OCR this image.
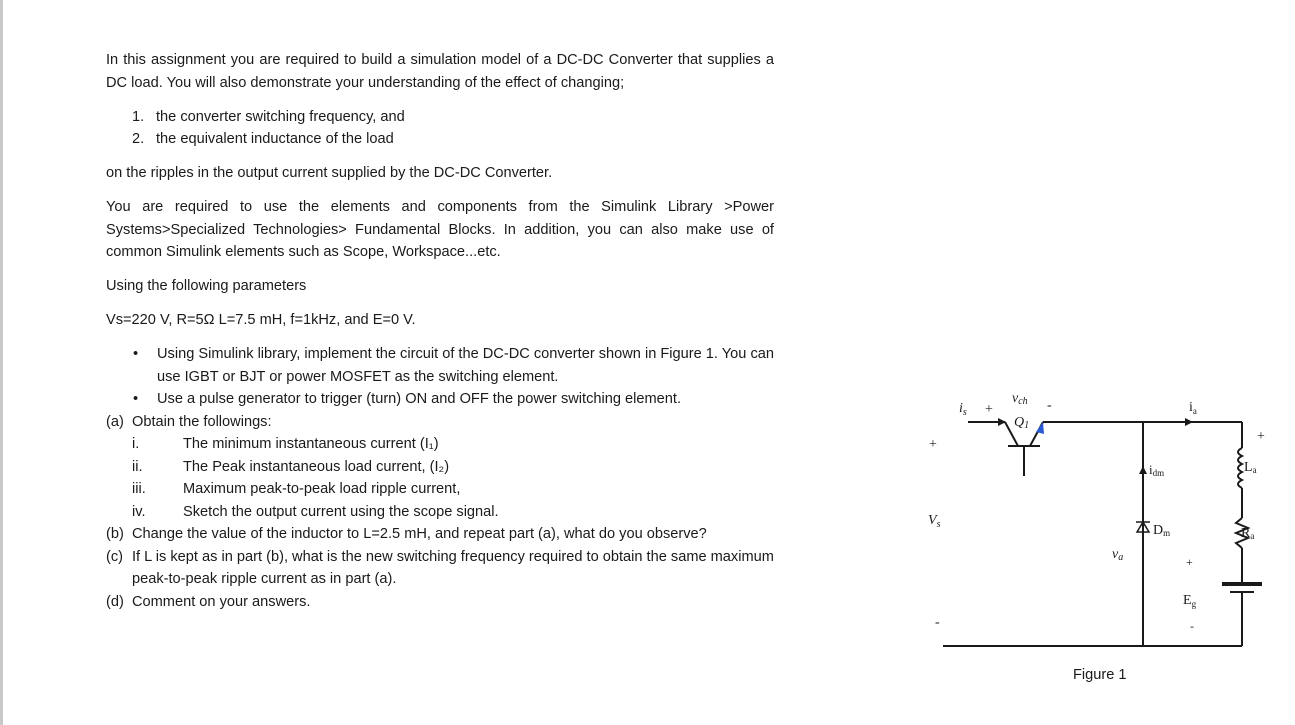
In this assignment you are required to build a simulation model of a DC-DC Converter that supplies a DC load. You will also demonstrate your understanding of the effect of changing;

1. the converter switching frequency, and
2. the equivalent inductance of the load

on the ripples in the output current supplied by the DC-DC Converter.

You are required to use the elements and components from the Simulink Library >Power Systems>Specialized Technologies> Fundamental Blocks. In addition, you can also make use of common Simulink elements such as Scope, Workspace...etc.

Using the following parameters

Vs=220 V, R=5Ω L=7.5 mH, f=1kHz, and E=0 V.

• Using Simulink library, implement the circuit of the DC-DC converter shown in Figure 1. You can use IGBT or BJT or power MOSFET as the switching element.
• Use a pulse generator to trigger (turn) ON and OFF the power switching element.
(a) Obtain the followings:
i.	The minimum instantaneous current (I₁)
ii.	The Peak instantaneous load current, (I₂)
iii.	Maximum peak-to-peak load ripple current,
iv.	Sketch the output current using the scope signal.
(b) Change the value of the inductor to L=2.5 mH, and repeat part (a), what do you observe?
(c) If L is kept as in part (b), what is the new switching frequency required to obtain the same maximum peak-to-peak ripple current as in part (a).
(d) Comment on your answers.
vch -
$i_s$ +
Q1
$i_a$
+
$V_s$
-
va
idm
Dm
La
Ra
+
+
$E_g$
-
Figure 1
